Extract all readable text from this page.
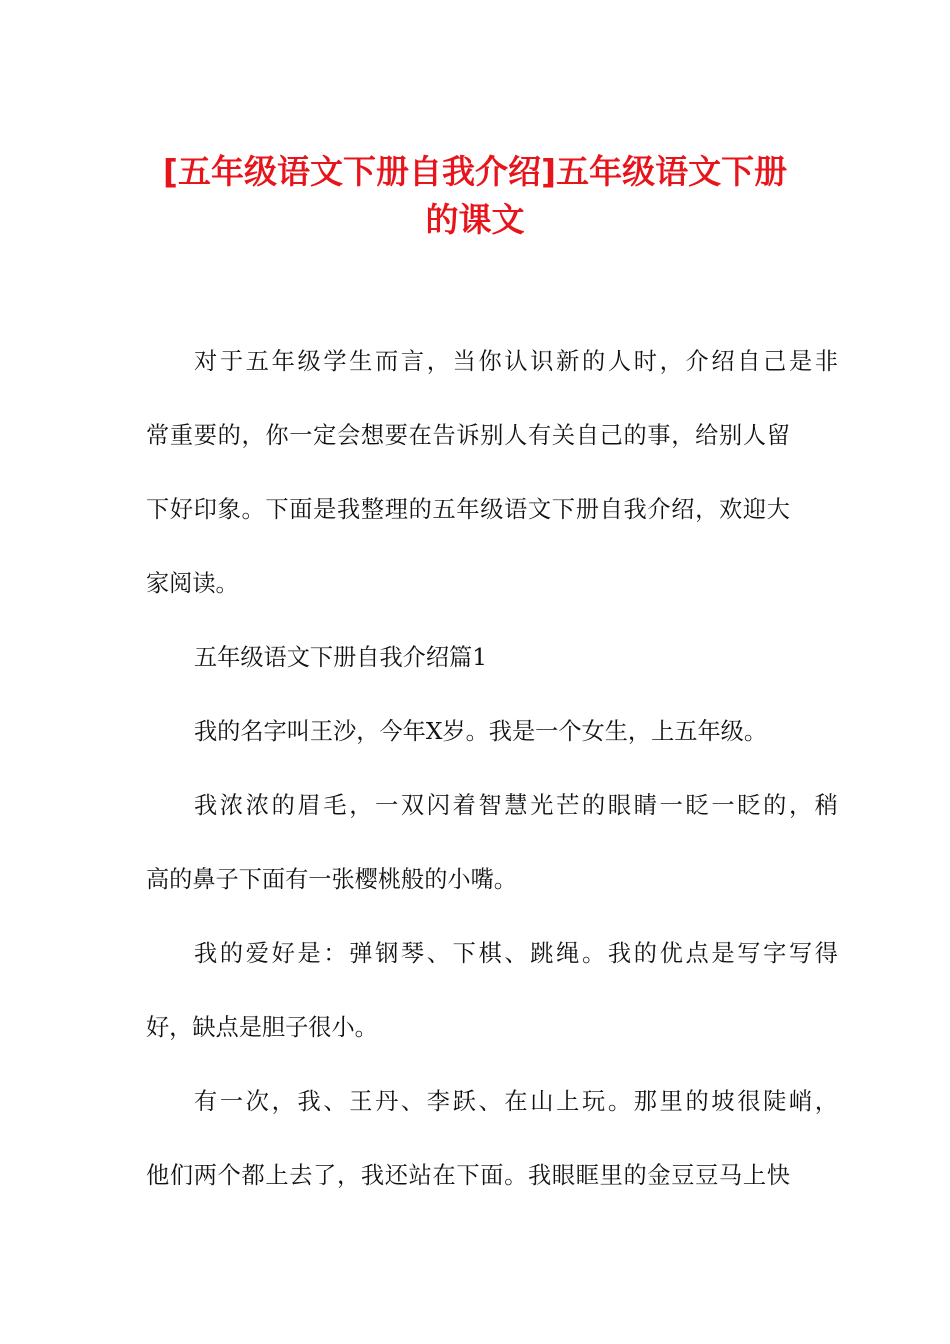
[五年级语文下册自我介绍]五年级语文下册
的课文
对于五年级学生而言，当你认识新的人时，介绍自己是非
常重要的，你一定会想要在告诉别人有关自己的事，给别人留
下好印象。下面是我整理的五年级语文下册自我介绍，欢迎大
家阅读。
五年级语文下册自我介绍篇1
我的名字叫王沙，今年X岁。我是一个女生，上五年级。
我浓浓的眉毛，一双闪着智慧光芒的眼睛一眨一眨的，稍
高的鼻子下面有一张樱桃般的小嘴。
我的爱好是：弹钢琴、下棋、跳绳。我的优点是写字写得
好，缺点是胆子很小。
有一次，我、王丹、李跃、在山上玩。那里的坡很陡峭，
他们两个都上去了，我还站在下面。我眼眶里的金豆豆马上快
